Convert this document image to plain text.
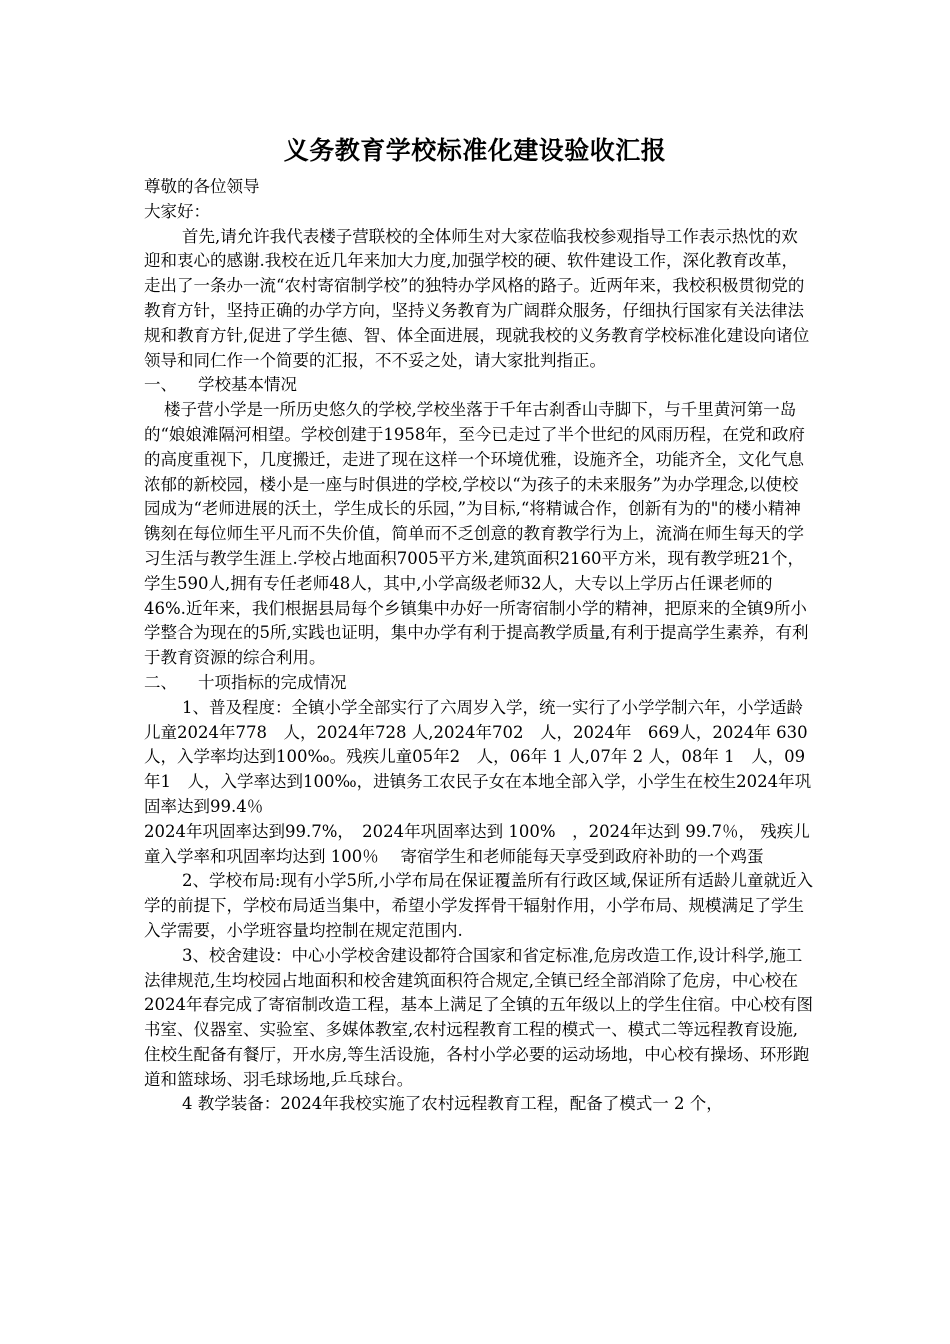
义务教育学校标准化建设验收汇报

尊敬的各位领导

大家好：

首先,请允许我代表楼子营联校的全体师生对大家莅临我校参观指导工作表示热忱的欢迎和衷心的感谢.我校在近几年来加大力度,加强学校的硬、软件建设工作，深化教育改革，走出了一条办一流“农村寄宿制学校”的独特办学风格的路子。近两年来，我校积极贯彻党的教育方针，坚持正确的办学方向，坚持义务教育为广阔群众服务，仔细执行国家有关法律法规和教育方针,促进了学生德、智、体全面进展，现就我校的义务教育学校标准化建设向诸位领导和同仁作一个简要的汇报，不不妥之处，请大家批判指正。

一、    学校基本情况

楼子营小学是一所历史悠久的学校,学校坐落于千年古刹香山寺脚下，与千里黄河第一岛的“娘娘滩隔河相望。学校创建于1958年，至今已走过了半个世纪的风雨历程，在党和政府的高度重视下，几度搬迁，走进了现在这样一个环境优雅，设施齐全，功能齐全，文化气息浓郁的新校园，楼小是一座与时俱进的学校,学校以“为孩子的未来服务”为办学理念,以使校园成为“老师进展的沃土，学生成长的乐园，”为目标,“将精诚合作，创新有为的"的楼小精神镌刻在每位师生平凡而不失价值，简单而不乏创意的教育教学行为上，流淌在师生每天的学习生活与教学生涯上.学校占地面积7005平方米,建筑面积2160平方米，现有教学班21个，学生590人,拥有专任老师48人，其中,小学高级老师32人，大专以上学历占任课老师的46%.近年来，我们根据县局每个乡镇集中办好一所寄宿制小学的精神，把原来的全镇9所小学整合为现在的5所,实践也证明，集中办学有利于提高教学质量,有利于提高学生素养，有利于教育资源的综合利用。

二、    十项指标的完成情况

1、普及程度：全镇小学全部实行了六周岁入学，统一实行了小学学制六年，小学适龄儿童2024年778　人，2024年728 人,2024年702　人，2024年　669人，2024年 630 人，入学率均达到100‰。残疾儿童05年2　人，06年 1 人,07年 2 人，08年 1　人，09年1　人，入学率达到100‰，进镇务工农民子女在本地全部入学，小学生在校生2024年巩固率达到99.4％

2024年巩固率达到99.7%，　2024年巩固率达到 100%　，2024年达到 99.7％， 残疾儿童入学率和巩固率均达到 100％　 寄宿学生和老师能每天享受到政府补助的一个鸡蛋

2、学校布局:现有小学5所,小学布局在保证覆盖所有行政区域,保证所有适龄儿童就近入学的前提下，学校布局适当集中，希望小学发挥骨干辐射作用，小学布局、规模满足了学生入学需要，小学班容量均控制在规定范围内.

3、校舍建设：中心小学校舍建设都符合国家和省定标准,危房改造工作,设计科学,施工法律规范,生均校园占地面积和校舍建筑面积符合规定,全镇已经全部消除了危房，中心校在2024年春完成了寄宿制改造工程，基本上满足了全镇的五年级以上的学生住宿。中心校有图书室、仪器室、实验室、多媒体教室,农村远程教育工程的模式一、模式二等远程教育设施,住校生配备有餐厅，开水房,等生活设施，各村小学必要的运动场地，中心校有操场、环形跑道和篮球场、羽毛球场地,乒乓球台。

4 教学装备：2024年我校实施了农村远程教育工程，配备了模式一 2 个，
